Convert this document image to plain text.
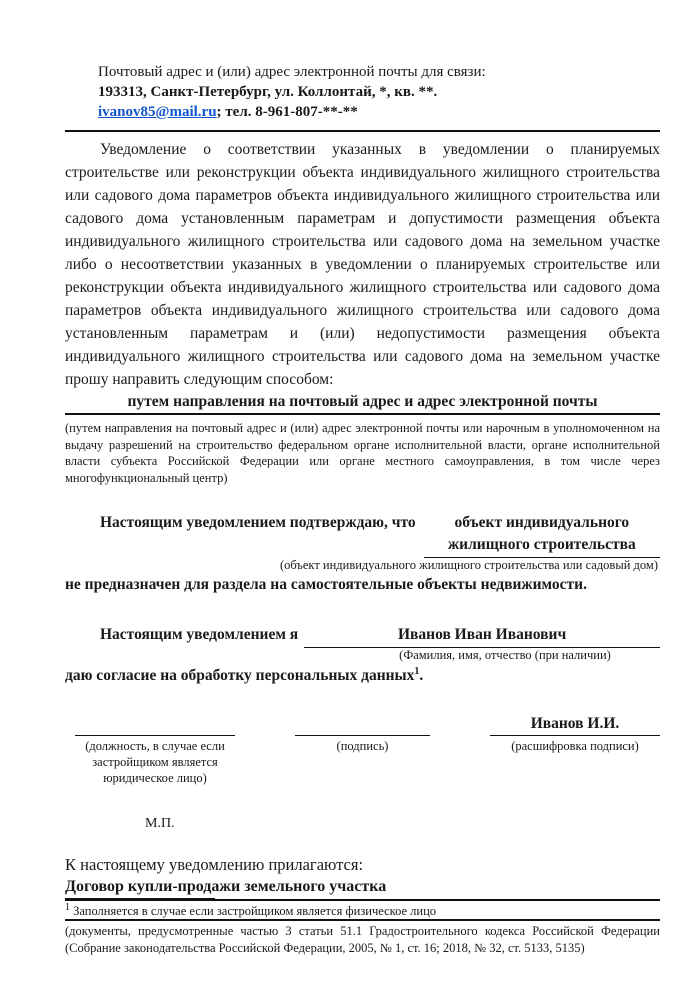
Почтовый адрес и (или) адрес электронной почты для связи:
193313, Санкт-Петербург, ул. Коллонтай, *, кв. **.
ivanov85@mail.ru; тел. 8-961-807-**-**
Уведомление о соответствии указанных в уведомлении о планируемых строительстве или реконструкции объекта индивидуального жилищного строительства или садового дома параметров объекта индивидуального жилищного строительства или садового дома установленным параметрам и допустимости размещения объекта индивидуального жилищного строительства или садового дома на земельном участке либо о несоответствии указанных в уведомлении о планируемых строительстве или реконструкции объекта индивидуального жилищного строительства или садового дома параметров объекта индивидуального жилищного строительства или садового дома установленным параметрам и (или) недопустимости размещения объекта индивидуального жилищного строительства или садового дома на земельном участке прошу направить следующим способом:
путем направления на почтовый адрес и адрес электронной почты
(путем направления на почтовый адрес и (или) адрес электронной почты или нарочным в уполномоченном на выдачу разрешений на строительство федеральном органе исполнительной власти, органе исполнительной власти субъекта Российской Федерации или органе местного самоуправления, в том числе через многофункциональный центр)
Настоящим уведомлением подтверждаю, что	объект индивидуального
жилищного строительства
(объект индивидуального жилищного строительства или садовый дом)
не предназначен для раздела на самостоятельные объекты недвижимости.
Настоящим уведомлением я	Иванов Иван Иванович
(Фамилия, имя, отчество (при наличии)
даю согласие на обработку персональных данных$^1$.
(должность, в случае если застройщиком является юридическое лицо)
(подпись)
Иванов И.И.
(расшифровка подписи)
М.П.
К настоящему уведомлению прилагаются:
Договор купли-продажи земельного участка
(документы, предусмотренные частью 3 статьи 51.1 Градостроительного кодекса Российской Федерации (Собрание законодательства Российской Федерации, 2005, № 1, ст. 16; 2018, № 32, ст. 5133, 5135)
$^1$ Заполняется в случае если застройщиком является физическое лицо
